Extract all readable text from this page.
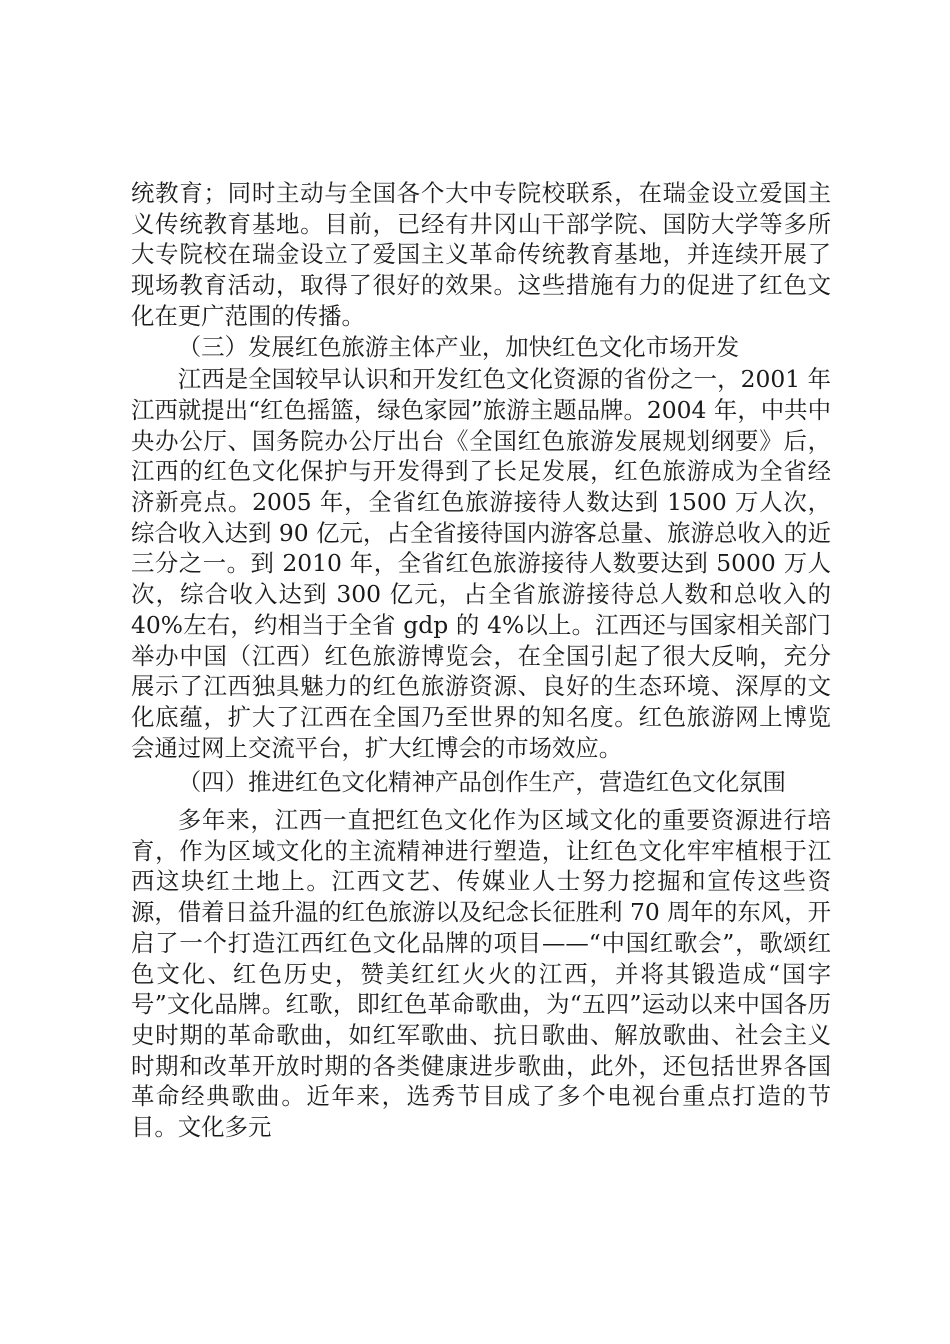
统教育；同时主动与全国各个大中专院校联系，在瑞金设立爱国主义传统教育基地。目前，已经有井冈山干部学院、国防大学等多所大专院校在瑞金设立了爱国主义革命传统教育基地，并连续开展了现场教育活动，取得了很好的效果。这些措施有力的促进了红色文化在更广范围的传播。

（三）发展红色旅游主体产业，加快红色文化市场开发

江西是全国较早认识和开发红色文化资源的省份之一，2001 年江西就提出“红色摇篮，绿色家园”旅游主题品牌。2004 年，中共中央办公厅、国务院办公厅出台《全国红色旅游发展规划纲要》后，江西的红色文化保护与开发得到了长足发展，红色旅游成为全省经济新亮点。2005 年，全省红色旅游接待人数达到 1500 万人次，综合收入达到 90 亿元，占全省接待国内游客总量、旅游总收入的近三分之一。到 2010 年，全省红色旅游接待人数要达到 5000 万人次，综合收入达到 300 亿元，占全省旅游接待总人数和总收入的 40%左右，约相当于全省 gdp 的 4%以上。江西还与国家相关部门举办中国（江西）红色旅游博览会，在全国引起了很大反响，充分展示了江西独具魅力的红色旅游资源、良好的生态环境、深厚的文化底蕴，扩大了江西在全国乃至世界的知名度。红色旅游网上博览会通过网上交流平台，扩大红博会的市场效应。

（四）推进红色文化精神产品创作生产，营造红色文化氛围

多年来，江西一直把红色文化作为区域文化的重要资源进行培育，作为区域文化的主流精神进行塑造，让红色文化牢牢植根于江西这块红土地上。江西文艺、传媒业人士努力挖掘和宣传这些资源，借着日益升温的红色旅游以及纪念长征胜利 70 周年的东风，开启了一个打造江西红色文化品牌的项目——“中国红歌会”，歌颂红色文化、红色历史，赞美红红火火的江西，并将其锻造成“国字号”文化品牌。红歌，即红色革命歌曲，为“五四”运动以来中国各历史时期的革命歌曲，如红军歌曲、抗日歌曲、解放歌曲、社会主义时期和改革开放时期的各类健康进步歌曲，此外，还包括世界各国革命经典歌曲。近年来，选秀节目成了多个电视台重点打造的节目。文化多元
